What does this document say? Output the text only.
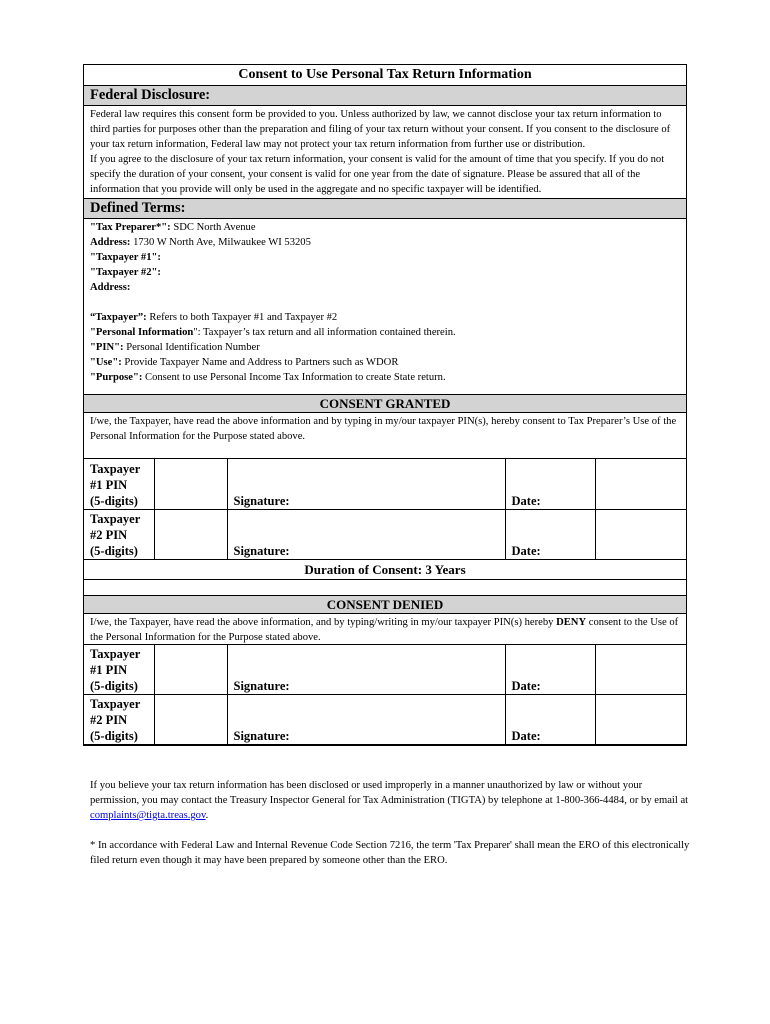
Consent to Use Personal Tax Return Information
Federal Disclosure:
Federal law requires this consent form be provided to you. Unless authorized by law, we cannot disclose your tax return information to third parties for purposes other than the preparation and filing of your tax return without your consent. If you consent to the disclosure of your tax return information, Federal law may not protect your tax return information from further use or distribution.
If you agree to the disclosure of your tax return information, your consent is valid for the amount of time that you specify. If you do not specify the duration of your consent, your consent is valid for one year from the date of signature. Please be assured that all of the information that you provide will only be used in the aggregate and no specific taxpayer will be identified.
Defined Terms:
"Tax Preparer*": SDC North Avenue
Address: 1730 W North Ave, Milwaukee WI 53205
"Taxpayer #1":
"Taxpayer #2":
Address:
“Taxpayer”: Refers to both Taxpayer #1 and Taxpayer #2
"Personal Information": Taxpayer’s tax return and all information contained therein.
"PIN": Personal Identification Number
"Use": Provide Taxpayer Name and Address to Partners such as WDOR
"Purpose": Consent to use Personal Income Tax Information to create State return.
CONSENT GRANTED
I/we, the Taxpayer, have read the above information and by typing in my/our taxpayer PIN(s), hereby consent to Tax Preparer’s Use of the Personal Information for the Purpose stated above.
Taxpayer
#1 PIN
(5-digits)		Signature:	Date:	

Taxpayer
#2 PIN
(5-digits)		Signature:	Date:	
Duration of Consent: 3 Years
CONSENT DENIED
I/we, the Taxpayer, have read the above information, and by typing/writing in my/our taxpayer PIN(s) hereby DENY consent to the Use of the Personal Information for the Purpose stated above.
Taxpayer
#1 PIN
(5-digits)		Signature:	Date:	

Taxpayer
#2 PIN
(5-digits)		Signature:	Date:	
If you believe your tax return information has been disclosed or used improperly in a manner unauthorized by law or without your permission, you may contact the Treasury Inspector General for Tax Administration (TIGTA) by telephone at 1-800-366-4484, or by email at complaints@tigta.treas.gov.
* In accordance with Federal Law and Internal Revenue Code Section 7216, the term 'Tax Preparer' shall mean the ERO of this electronically filed return even though it may have been prepared by someone other than the ERO.
